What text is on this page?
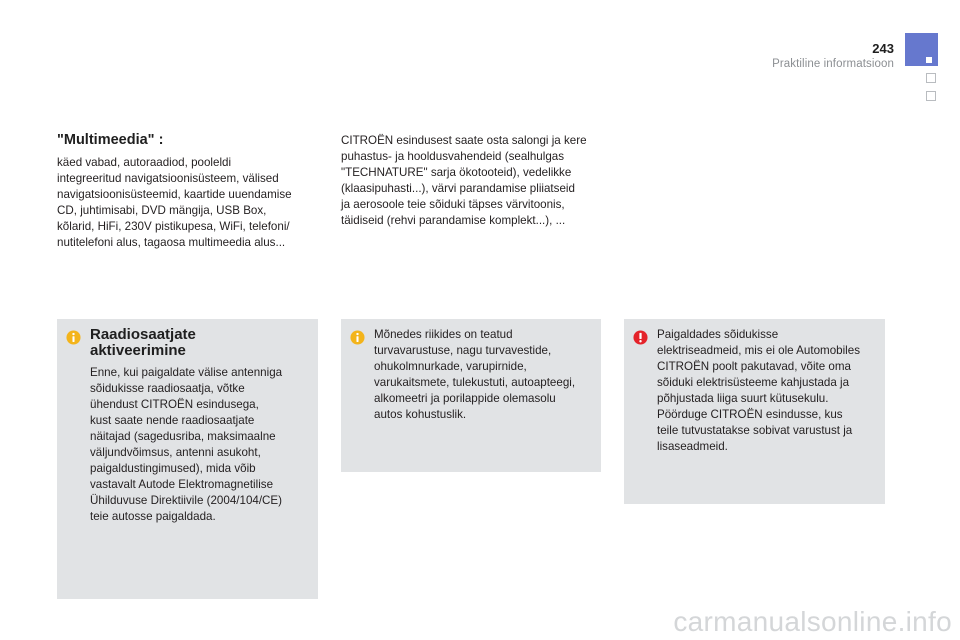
243
Praktiline informatsioon
"Multimeedia" :

käed vabad, autoraadiod, pooleldi

integreeritud navigatsioonisüsteem, välised

navigatsioonisüsteemid, kaartide uuendamise

CD, juhtimisabi, DVD mängija, USB Box,

kõlarid, HiFi, 230V pistikupesa, WiFi, telefoni/

nutitelefoni alus, tagaosa multimeedia alus...

CITROËN esindusest saate osta salongi ja kere

puhastus- ja hooldusvahendeid (sealhulgas

"TECHNATURE" sarja ökotooteid), vedelikke

(klaasipuhasti...), värvi parandamise pliiatseid

ja aerosoole teie sõiduki täpses värvitoonis,

täidiseid (rehvi parandamise komplekt...), ...

Raadiosaatjate
aktiveerimine

Enne, kui paigaldate välise antenniga

sõidukisse raadiosaatja, võtke

ühendust CITROËN esindusega,

kust saate nende raadiosaatjate

näitajad (sagedusriba, maksimaalne

väljundvõimsus, antenni asukoht,

paigaldustingimused), mida võib

vastavalt Autode Elektromagnetilise

Ühilduvuse Direktiivile (2004/104/CE)

teie autosse paigaldada.

Mõnedes riikides on teatud

turvavarustuse, nagu turvavestide,

ohukolmnurkade, varupirnide,

varukaitsmete, tulekustuti, autoapteegi,

alkomeetri ja porilappide olemasolu

autos kohustuslik.

Paigaldades sõidukisse

elektriseadmeid, mis ei ole Automobiles

CITROËN poolt pakutavad, võite oma

sõiduki elektrisüsteeme kahjustada ja

põhjustada liiga suurt kütusekulu.

Pöörduge CITROËN esindusse, kus

teile tutvustatakse sobivat varustust ja

lisaseadmeid.

carmanualsonline.info
